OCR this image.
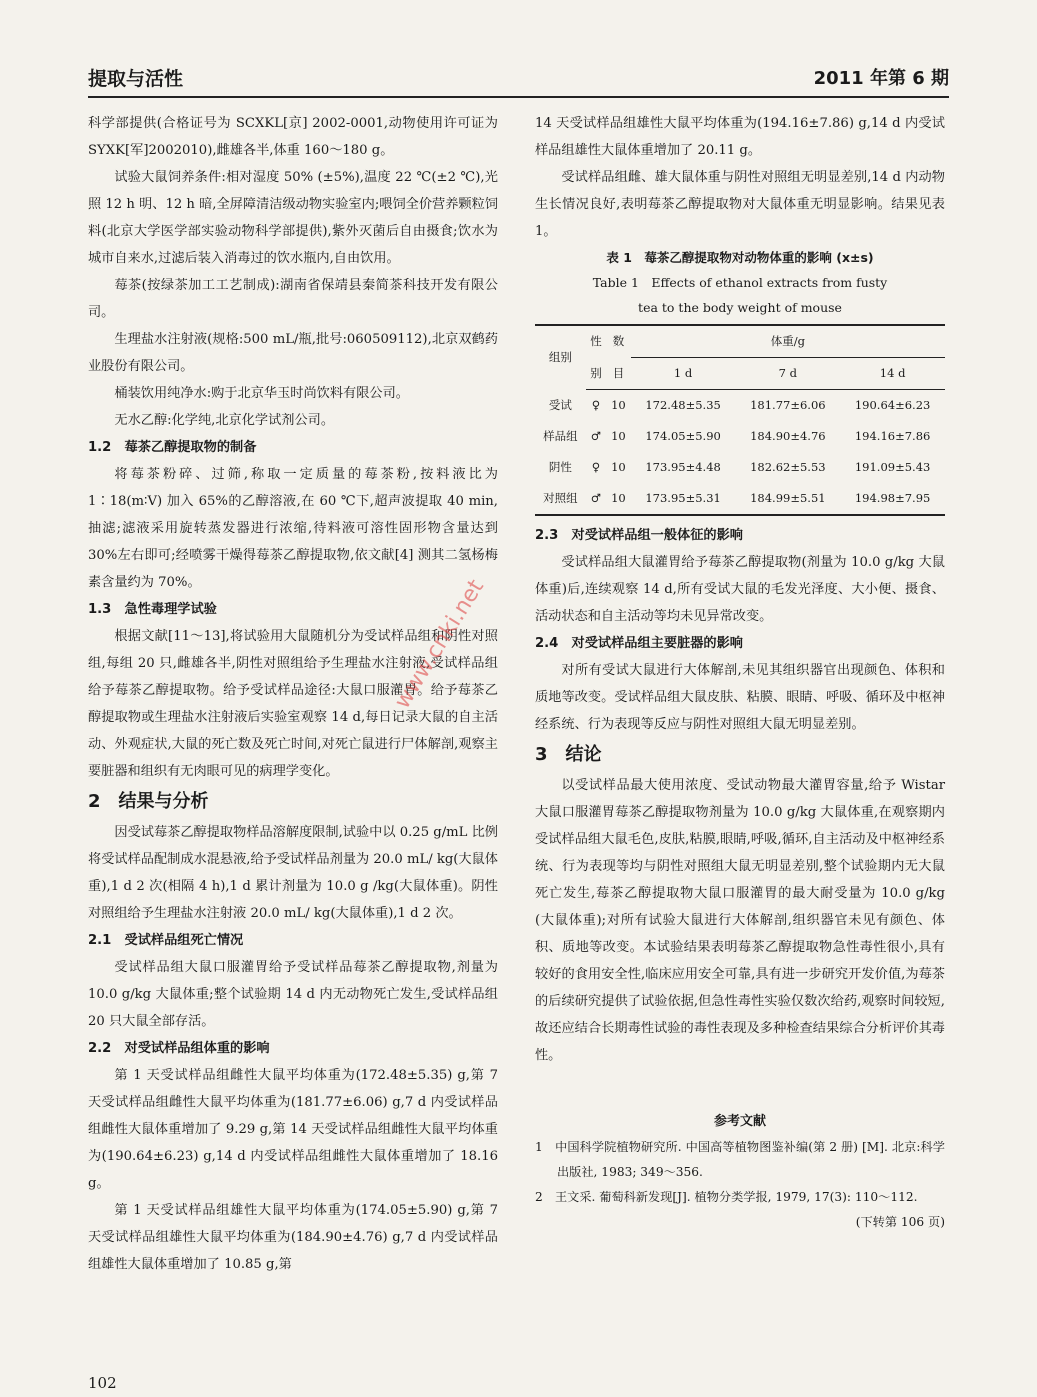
提取与活性	2011 年第 6 期

科学部提供(合格证号为 SCXKL[京] 2002-0001,动物使用许可证为 SYXK[军]2002010),雌雄各半,体重 160～180 g。

试验大鼠饲养条件:相对湿度 50% (±5%),温度 22 ℃(±2 ℃),光照 12 h 明、12 h 暗,全屏障清洁级动物实验室内;喂饲全价营养颗粒饲料(北京大学医学部实验动物科学部提供),紫外灭菌后自由摄食;饮水为城市自来水,过滤后装入消毒过的饮水瓶内,自由饮用。

莓茶(按绿茶加工工艺制成):湖南省保靖县秦简茶科技开发有限公司。

生理盐水注射液(规格:500 mL/瓶,批号:060509112),北京双鹤药业股份有限公司。

桶装饮用纯净水:购于北京华玉时尚饮料有限公司。

无水乙醇:化学纯,北京化学试剂公司。

1.2　莓茶乙醇提取物的制备

将莓茶粉碎、过筛,称取一定质量的莓茶粉,按料液比为 1∶18(m∶V) 加入 65%的乙醇溶液,在 60 ℃下,超声波提取 40 min,抽滤;滤液采用旋转蒸发器进行浓缩,待料液可溶性固形物含量达到 30%左右即可;经喷雾干燥得莓茶乙醇提取物,依文献[4] 测其二氢杨梅素含量约为 70%。

1.3　急性毒理学试验

根据文献[11～13],将试验用大鼠随机分为受试样品组和阴性对照组,每组 20 只,雌雄各半,阴性对照组给予生理盐水注射液,受试样品组给予莓茶乙醇提取物。给予受试样品途径:大鼠口服灌胃。给予莓茶乙醇提取物或生理盐水注射液后实验室观察 14 d,每日记录大鼠的自主活动、外观症状,大鼠的死亡数及死亡时间,对死亡鼠进行尸体解剖,观察主要脏器和组织有无肉眼可见的病理学变化。

2　结果与分析

因受试莓茶乙醇提取物样品溶解度限制,试验中以 0.25 g/mL 比例将受试样品配制成水混悬液,给予受试样品剂量为 20.0 mL/ kg(大鼠体重),1 d 2 次(相隔 4 h),1 d 累计剂量为 10.0 g /kg(大鼠体重)。阴性对照组给予生理盐水注射液 20.0 mL/ kg(大鼠体重),1 d 2 次。

2.1　受试样品组死亡情况

受试样品组大鼠口服灌胃给予受试样品莓茶乙醇提取物,剂量为 10.0 g/kg 大鼠体重;整个试验期 14 d 内无动物死亡发生,受试样品组 20 只大鼠全部存活。

2.2　对受试样品组体重的影响

第 1 天受试样品组雌性大鼠平均体重为(172.48±5.35) g,第 7 天受试样品组雌性大鼠平均体重为(181.77±6.06) g,7 d 内受试样品组雌性大鼠体重增加了 9.29 g,第 14 天受试样品组雌性大鼠平均体重为(190.64±6.23) g,14 d 内受试样品组雌性大鼠体重增加了 18.16 g。

第 1 天受试样品组雄性大鼠平均体重为(174.05±5.90) g,第 7 天受试样品组雄性大鼠平均体重为(184.90±4.76) g,7 d 内受试样品组雄性大鼠体重增加了 10.85 g,第

14 天受试样品组雄性大鼠平均体重为(194.16±7.86) g,14 d 内受试样品组雄性大鼠体重增加了 20.11 g。

受试样品组雌、雄大鼠体重与阴性对照组无明显差别,14 d 内动物生长情况良好,表明莓茶乙醇提取物对大鼠体重无明显影响。结果见表 1。

表 1　莓茶乙醇提取物对动物体重的影响 (x±s)

Table 1　Effects of ethanol extracts from fusty

tea to the body weight of mouse

组别	性	数	体重/g		
	别	目	1 d	7 d	14 d
受试	♀	10	172.48±5.35	181.77±6.06	190.64±6.23
样品组	♂	10	174.05±5.90	184.90±4.76	194.16±7.86
阴性	♀	10	173.95±4.48	182.62±5.53	191.09±5.43
对照组	♂	10	173.95±5.31	184.99±5.51	194.98±7.95

2.3　对受试样品组一般体征的影响

受试样品组大鼠灌胃给予莓茶乙醇提取物(剂量为 10.0 g/kg 大鼠体重)后,连续观察 14 d,所有受试大鼠的毛发光泽度、大小便、摄食、活动状态和自主活动等均未见异常改变。

2.4　对受试样品组主要脏器的影响

对所有受试大鼠进行大体解剖,未见其组织器官出现颜色、体积和质地等改变。受试样品组大鼠皮肤、粘膜、眼睛、呼吸、循环及中枢神经系统、行为表现等反应与阴性对照组大鼠无明显差别。

3　结论

以受试样品最大使用浓度、受试动物最大灌胃容量,给予 Wistar 大鼠口服灌胃莓茶乙醇提取物剂量为 10.0 g/kg 大鼠体重,在观察期内受试样品组大鼠毛色,皮肤,粘膜,眼睛,呼吸,循环,自主活动及中枢神经系统、行为表现等均与阴性对照组大鼠无明显差别,整个试验期内无大鼠死亡发生,莓茶乙醇提取物大鼠口服灌胃的最大耐受量为 10.0 g/kg (大鼠体重);对所有试验大鼠进行大体解剖,组织器官未见有颜色、体积、质地等改变。本试验结果表明莓茶乙醇提取物急性毒性很小,具有较好的食用安全性,临床应用安全可靠,具有进一步研究开发价值,为莓茶的后续研究提供了试验依据,但急性毒性实验仅数次给药,观察时间较短,故还应结合长期毒性试验的毒性表现及多种检查结果综合分析评价其毒性。

参考文献

1　中国科学院植物研究所. 中国高等植物图鉴补编(第 2 册) [M]. 北京:科学出版社, 1983; 349～356.

2　王文采. 葡萄科新发现[J]. 植物分类学报, 1979, 17(3): 110～112.

(下转第 106 页)

102
www.cnki.net
